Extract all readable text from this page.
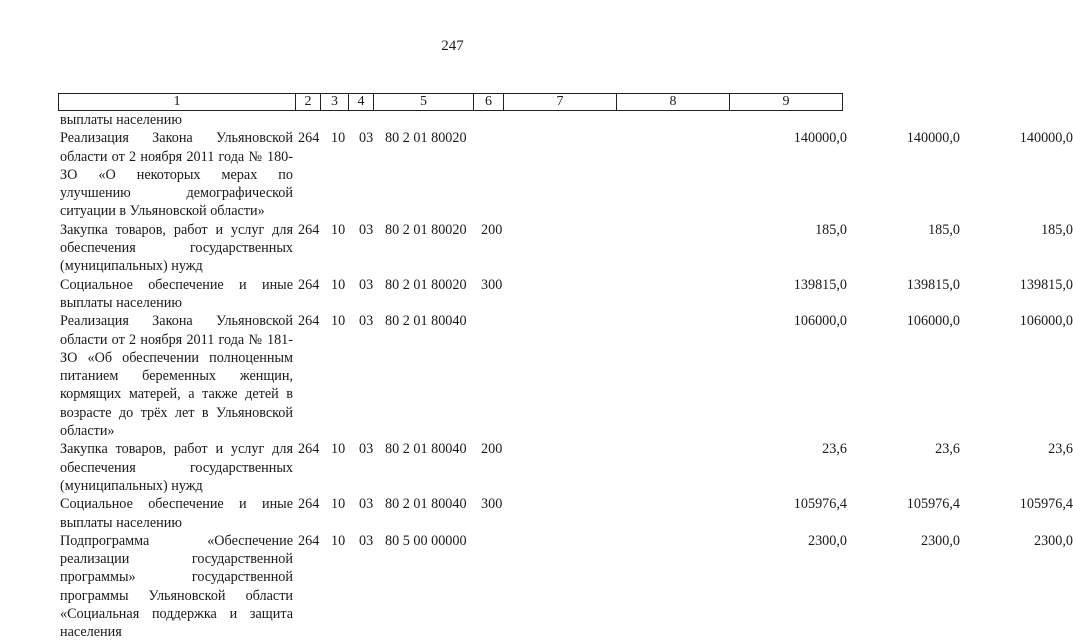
247
1	2	3	4	5	6	7	8	9
выплаты населению
Реализация Закона Ульяновской области от 2 ноября 2011 года № 180-ЗО «О некоторых мерах по улучшению демографической ситуации в Ульяновской области»
264 10 03 80 2 01 80020	140000,0	140000,0	140000,0
Закупка товаров, работ и услуг для обеспечения государственных (муниципальных) нужд
264 10 03 80 2 01 80020 200	185,0	185,0	185,0
Социальное обеспечение и иные выплаты населению
264 10 03 80 2 01 80020 300	139815,0	139815,0	139815,0
Реализация Закона Ульяновской области от 2 ноября 2011 года № 181-ЗО «Об обеспечении полноценным питанием беременных женщин, кормящих матерей, а также детей в возрасте до трёх лет в Ульяновской области»
264 10 03 80 2 01 80040	106000,0	106000,0	106000,0
Закупка товаров, работ и услуг для обеспечения государственных (муниципальных) нужд
264 10 03 80 2 01 80040 200	23,6	23,6	23,6
Социальное обеспечение и иные выплаты населению
264 10 03 80 2 01 80040 300	105976,4	105976,4	105976,4
Подпрограмма «Обеспечение реализации государственной программы» государственной программы Ульяновской области «Социальная поддержка и защита населения
264 10 03 80 5 00 00000	2300,0	2300,0	2300,0
